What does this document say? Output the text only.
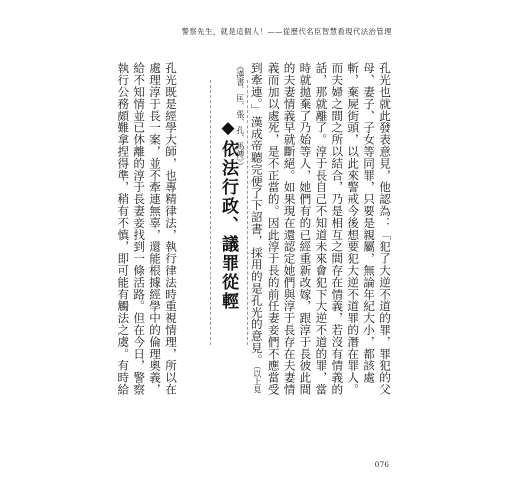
警察先生，就是這個人！——從歷代名臣智慧看現代法治管理
孔光也就此發表意見，他認為：「犯了大逆不道的罪，罪犯的父母、妻子、子女等同罪，只要是親屬，無論年紀大小，都該處斬，棄屍街頭，以此來警戒今後想要犯大逆不道罪的潛在罪人。而夫婦之間之所以結合，乃是相互之間存在情義，若沒有情義的話，那就離了。淳于長自己不知道未來會犯下大逆不道的罪，當時就拋棄了乃始等人，她們有的已經重新改嫁，跟淳于長彼此間的夫妻情義早就斷絕。如果現在還認定她們與淳于長存在夫妻情義而加以處死，是不正當的。因此淳于長的前任妻妾們不應當受到牽連。」漢成帝聽完便了下詔書，採用的是孔光的意見。（以上見《漢書．匡、張、孔、馬傳》）
◆依法行政、議罪從輕
孔光既是經學大師，也專精律法，執行律法時重視情理，所以在處理淳于長一案，並不牽連無辜，還能根據經學中的倫理奧義，給不知情並已休離的淳于長妻妾找到一條活路。但在今日，警察執行公務頗難拿捏得準，稍有不慎，即可能有觸法之虞。有時給
076
